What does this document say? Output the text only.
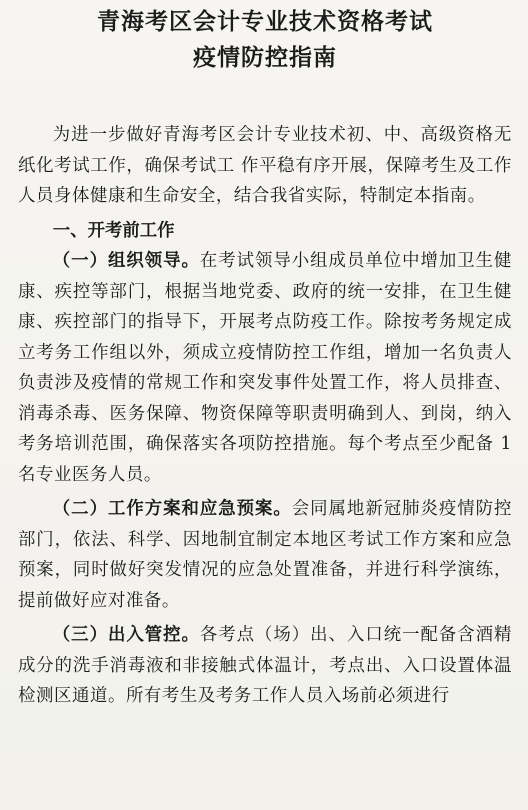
青海考区会计专业技术资格考试
疫情防控指南

为进一步做好青海考区会计专业技术初、中、高级资格无纸化考试工作，确保考试工 作平稳有序开展，保障考生及工作人员身体健康和生命安全，结合我省实际，特制定本指南。

一、开考前工作

（一）组织领导。在考试领导小组成员单位中增加卫生健康、疾控等部门，根据当地党委、政府的统一安排，在卫生健康、疾控部门的指导下，开展考点防疫工作。除按考务规定成立考务工作组以外，须成立疫情防控工作组，增加一名负责人负责涉及疫情的常规工作和突发事件处置工作，将人员排查、消毒杀毒、医务保障、物资保障等职责明确到人、到岗，纳入考务培训范围，确保落实各项防控措施。每个考点至少配备 1 名专业医务人员。

（二）工作方案和应急预案。会同属地新冠肺炎疫情防控部门，依法、科学、因地制宜制定本地区考试工作方案和应急预案，同时做好突发情况的应急处置准备，并进行科学演练，提前做好应对准备。

（三）出入管控。各考点（场）出、入口统一配备含酒精成分的洗手消毒液和非接触式体温计，考点出、入口设置体温检测区通道。所有考生及考务工作人员入场前必须进行
